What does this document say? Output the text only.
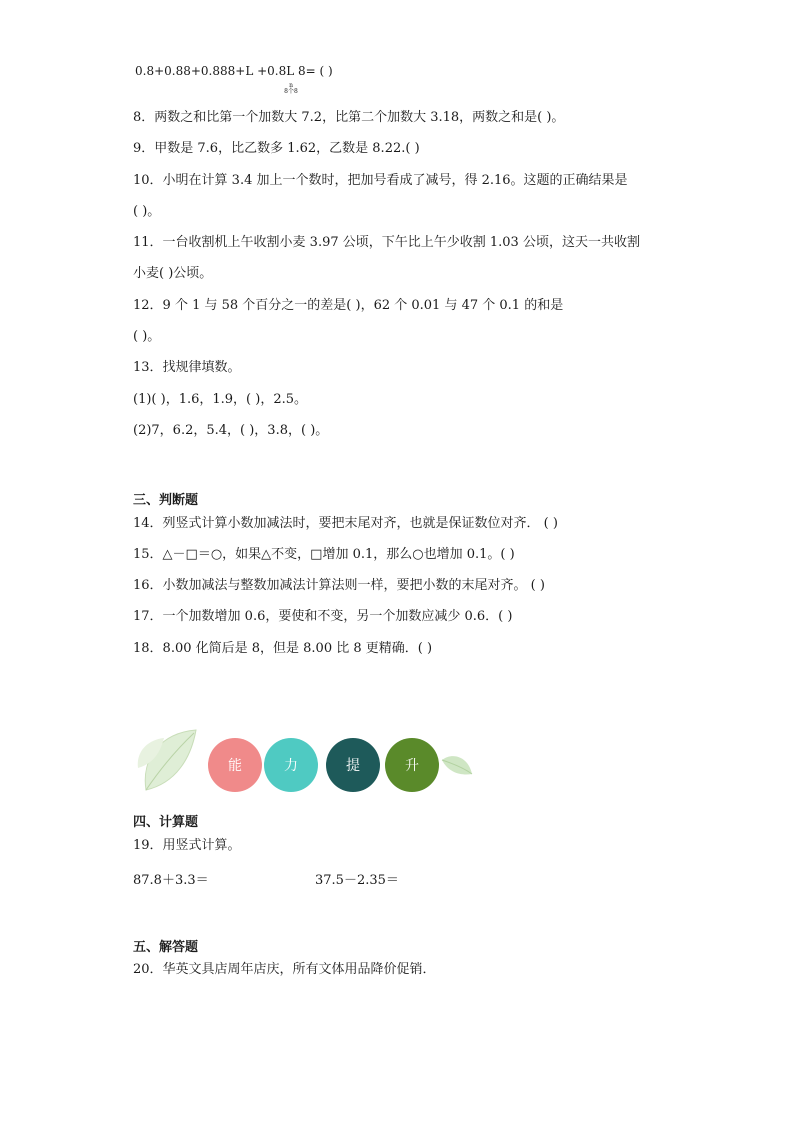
0.8+0.88+0.888+L +0.8L 8= ( )
n
8个8
8．两数之和比第一个加数大 7.2，比第二个加数大 3.18，两数之和是( )。
9．甲数是 7.6，比乙数多 1.62，乙数是 8.22.( )
10．小明在计算 3.4 加上一个数时，把加号看成了减号，得 2.16。这题的正确结果是
( )。
11．一台收割机上午收割小麦 3.97 公顷，下午比上午少收割 1.03 公顷，这天一共收割
小麦( )公顷。
12．9 个 1 与 58 个百分之一的差是( )，62 个 0.01 与 47 个 0.1 的和是
( )。
13．找规律填数。
(1)( )，1.6，1.9，( )，2.5。
(2)7，6.2，5.4，( )，3.8，( )。
三、判断题
14．列竖式计算小数加减法时，要把末尾对齐，也就是保证数位对齐． ( )
15．△－□＝○，如果△不变，□增加 0.1，那么○也增加 0.1。( )
16．小数加减法与整数加减法计算法则一样，要把小数的末尾对齐。 ( )
17．一个加数增加 0.6，要使和不变，另一个加数应减少 0.6．( )
18．8.00 化简后是 8，但是 8.00 比 8 更精确．( )
能	力	提	升
四、计算题
19．用竖式计算。
87.8＋3.3＝	37.5－2.35＝
五、解答题
20．华英文具店周年店庆，所有文体用品降价促销．
